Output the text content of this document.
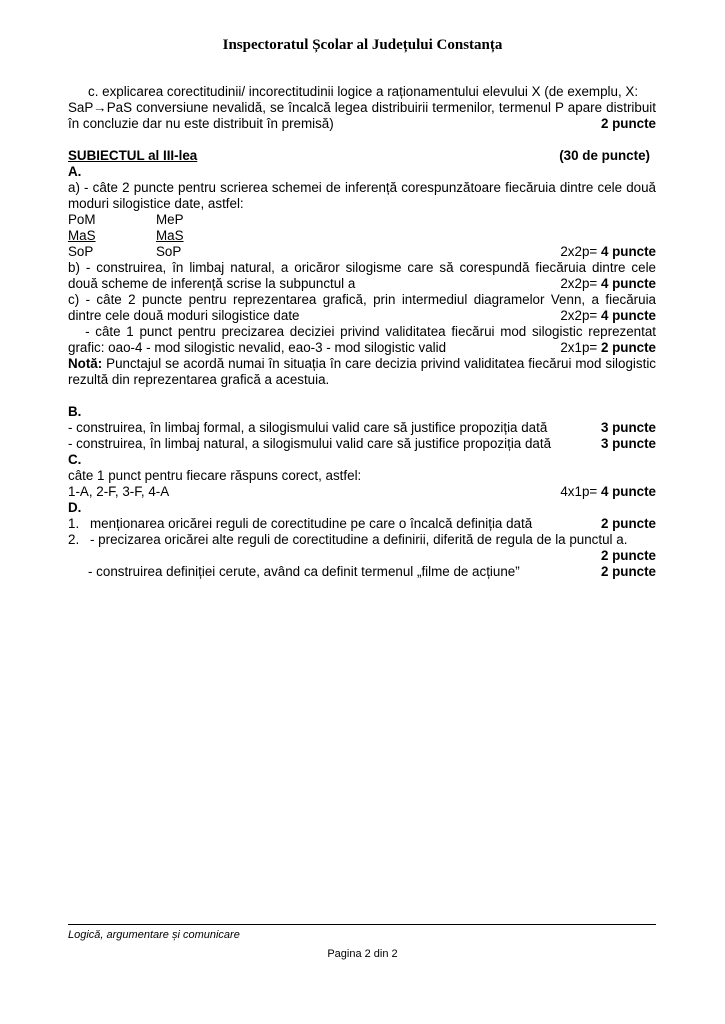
Inspectoratul Școlar al Județului Constanța
c. explicarea corectitudinii/ incorectitudinii logice a raționamentului elevului X (de exemplu, X:
SaP→PaS conversiune nevalidă, se încalcă legea distribuirii termenilor, termenul P apare distribuit
în concluzie dar nu este distribuit în premisă)	2 puncte
SUBIECTUL al III-lea	(30 de puncte)
A.
a) - câte 2 puncte pentru scrierea schemei de inferență corespunzătoare fiecăruia dintre cele două
moduri silogistice date, astfel:
PoM	MeP
MaS	MaS
SoP	SoP	2x2p= 4 puncte
b) - construirea, în limbaj natural, a oricăror silogisme care să corespundă fiecăruia dintre cele
două scheme de inferență scrise la subpunctul a	2x2p= 4 puncte
c) - câte 2 puncte pentru reprezentarea grafică, prin intermediul diagramelor Venn, a fiecăruia
dintre cele două moduri silogistice date	2x2p= 4 puncte
- câte 1 punct pentru precizarea deciziei privind validitatea fiecărui mod silogistic reprezentat
grafic: oao-4 - mod silogistic nevalid, eao-3 - mod silogistic valid	2x1p= 2 puncte
Notă: Punctajul se acordă numai în situația în care decizia privind validitatea fiecărui mod silogistic
rezultă din reprezentarea grafică a acestuia.
B.
- construirea, în limbaj formal, a silogismului valid care să justifice propoziția dată	3 puncte
- construirea, în limbaj natural, a silogismului valid care să justifice propoziția dată	3 puncte
C.
câte 1 punct pentru fiecare răspuns corect, astfel:
1-A, 2-F, 3-F, 4-A	4x1p= 4 puncte
D.
1. menționarea oricărei reguli de corectitudine pe care o încalcă definiția dată	2 puncte
2. - precizarea oricărei alte reguli de corectitudine a definirii, diferită de regula de la punctul a.
2 puncte
- construirea definiției cerute, având ca definit termenul „filme de acțiune”	2 puncte
Logică, argumentare și comunicare
Pagina 2 din 2
